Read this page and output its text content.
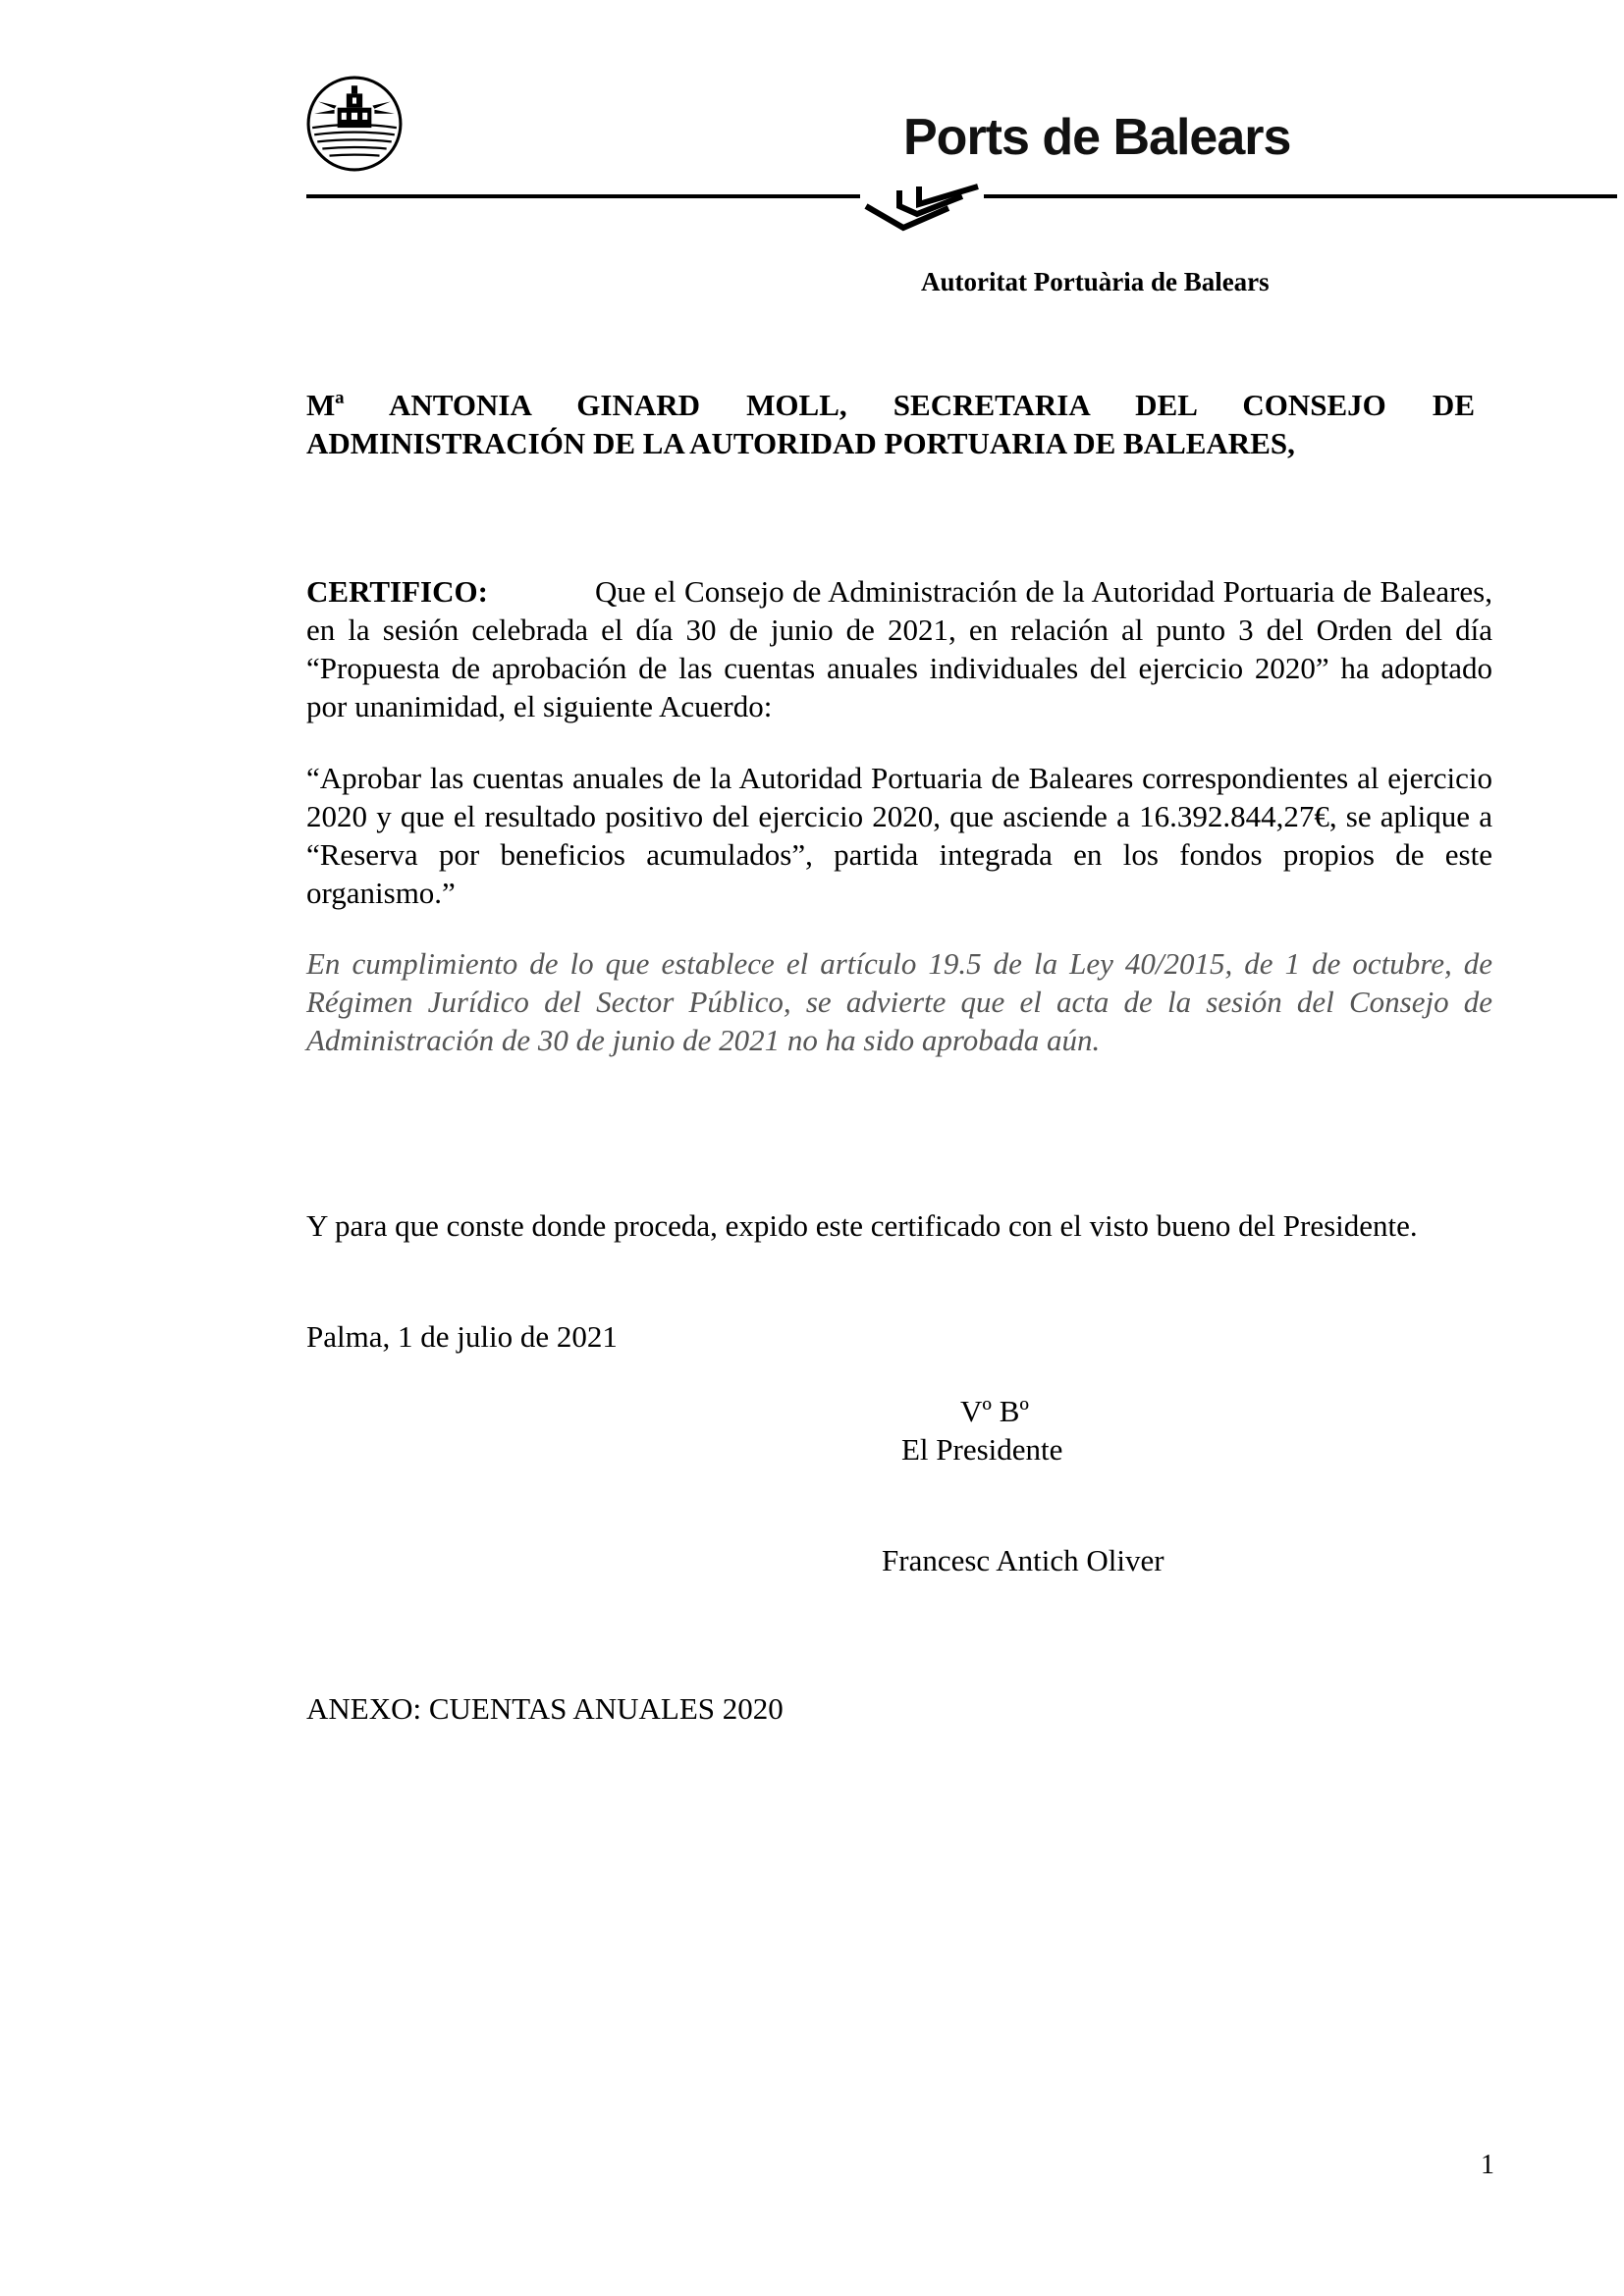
Ports de Balears
Autoritat Portuària de Balears

Mª ANTONIA GINARD MOLL, SECRETARIA DEL CONSEJO DE ADMINISTRACIÓN DE LA AUTORIDAD PORTUARIA DE BALEARES,

CERTIFICO:	Que el Consejo de Administración de la Autoridad Portuaria de Baleares, en la sesión celebrada el día 30 de junio de 2021, en relación al punto 3 del Orden del día “Propuesta de aprobación de las cuentas anuales individuales del ejercicio 2020” ha adoptado por unanimidad, el siguiente Acuerdo:

“Aprobar las cuentas anuales de la Autoridad Portuaria de Baleares correspondientes al ejercicio 2020 y que el resultado positivo del ejercicio 2020, que asciende a 16.392.844,27€, se aplique a “Reserva por beneficios acumulados”, partida integrada en los fondos propios de este organismo.”

En cumplimiento de lo que establece el artículo 19.5 de la Ley 40/2015, de 1 de octubre, de Régimen Jurídico del Sector Público, se advierte que el acta de la sesión del Consejo de Administración de 30 de junio de 2021 no ha sido aprobada aún.

Y para que conste donde proceda, expido este certificado con el visto bueno del Presidente.
Palma, 1 de julio de 2021
Vº Bº
El Presidente
Francesc Antich Oliver
ANEXO: CUENTAS ANUALES 2020
1
